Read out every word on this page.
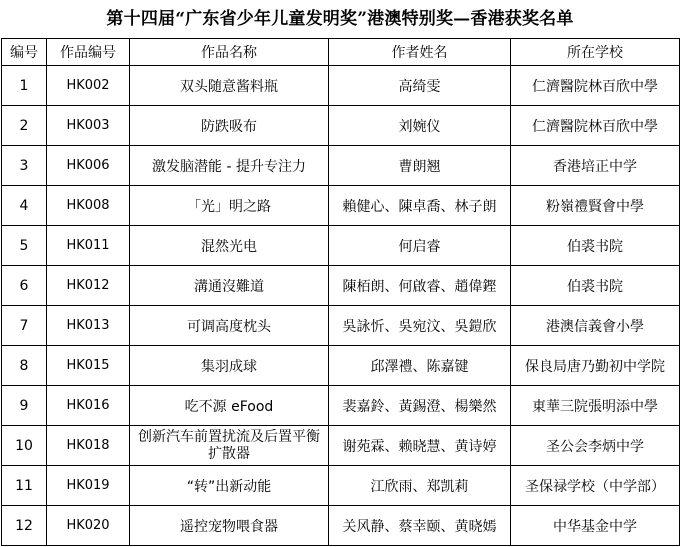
第十四届“广东省少年儿童发明奖”港澳特别奖—香港获奖名单
编号	作品编号	作品名称	作者姓名	所在学校
1	HK002	双头随意酱料瓶	高绮雯	仁濟醫院林百欣中學
2	HK003	防跌吸布	刘婉仪	仁濟醫院林百欣中學
3	HK006	激发脑潜能 - 提升专注力	曹朗翘	香港培正中学
4	HK008	「光」明之路	賴健心、陳卓喬、林子朗	粉嶺禮賢會中學
5	HK011	混然光电	何启睿	伯裘书院
6	HK012	溝通沒難道	陳栢朗、何啟睿、趙偉鏗	伯裘书院
7	HK013	可调高度枕头	吳詠忻、吳宛汶、吳鎧欣	港澳信義會小學
8	HK015	集羽成球	邱澤禮、陈嘉键	保良局唐乃勤初中学院
9	HK016	吃不源 eFood	裴嘉鈴、黃錫澄、楊樂然	東華三院張明添中學
10	HK018	创新汽车前置扰流及后置平衡扩散器	谢苑霖、赖晓慧、黄诗婷	圣公会李炳中学
11	HK019	“转”出新动能	江欣雨、郑凯莉	圣保禄学校（中学部）
12	HK020	遥控宠物喂食器	关风静、蔡幸颐、黄晓嫣	中华基金中学
